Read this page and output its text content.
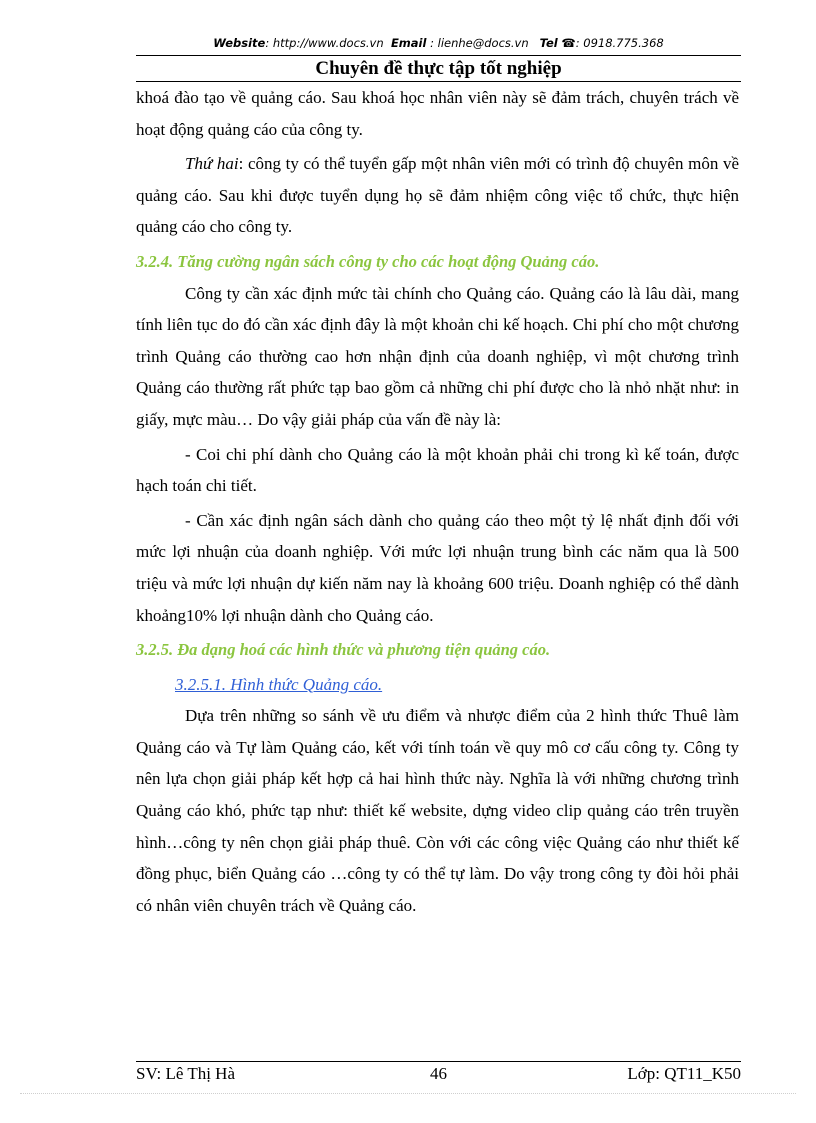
Website: http://www.docs.vn Email : lienhe@docs.vn Tel ☎: 0918.775.368
Chuyên đề thực tập tốt nghiệp

khoá đào tạo về quảng cáo. Sau khoá học nhân viên này sẽ đảm trách, chuyên trách về hoạt động quảng cáo của công ty.

Thứ hai: công ty có thể tuyển gấp một nhân viên mới có trình độ chuyên môn về quảng cáo. Sau khi được tuyển dụng họ sẽ đảm nhiệm công việc tổ chức, thực hiện quảng cáo cho công ty.

3.2.4. Tăng cường ngân sách công ty cho các hoạt động Quảng cáo.

Công ty cần xác định mức tài chính cho Quảng cáo. Quảng cáo là lâu dài, mang tính liên tục do đó cần xác định đây là một khoản chi kế hoạch. Chi phí cho một chương trình Quảng cáo thường cao hơn nhận định của doanh nghiệp, vì một chương trình Quảng cáo thường rất phức tạp bao gồm cả những chi phí được cho là nhỏ nhặt như: in giấy, mực màu… Do vậy giải pháp của vấn đề này là:

- Coi chi phí dành cho Quảng cáo là một khoản phải chi trong kì kế toán, được hạch toán chi tiết.

- Cần xác định ngân sách dành cho quảng cáo theo một tỷ lệ nhất định đối với mức lợi nhuận của doanh nghiệp. Với mức lợi nhuận trung bình các năm qua là 500 triệu và mức lợi nhuận dự kiến năm nay là khoảng 600 triệu. Doanh nghiệp có thể dành khoảng10% lợi nhuận dành cho Quảng cáo.

3.2.5. Đa dạng hoá các hình thức và phương tiện quảng cáo.

3.2.5.1. Hình thức Quảng cáo.

Dựa trên những so sánh về ưu điểm và nhược điểm của 2 hình thức Thuê làm Quảng cáo và Tự làm Quảng cáo, kết với tính toán về quy mô cơ cấu công ty. Công ty nên lựa chọn giải pháp kết hợp cả hai hình thức này. Nghĩa là với những chương trình Quảng cáo khó, phức tạp như: thiết kế website, dựng video clip quảng cáo trên truyền hình…công ty nên chọn giải pháp thuê. Còn với các công việc Quảng cáo như thiết kế đồng phục, biển Quảng cáo …công ty có thể tự làm. Do vậy trong công ty đòi hỏi phải có nhân viên chuyên trách về Quảng cáo.

SV: Lê Thị Hà	46	Lớp: QT11_K50
